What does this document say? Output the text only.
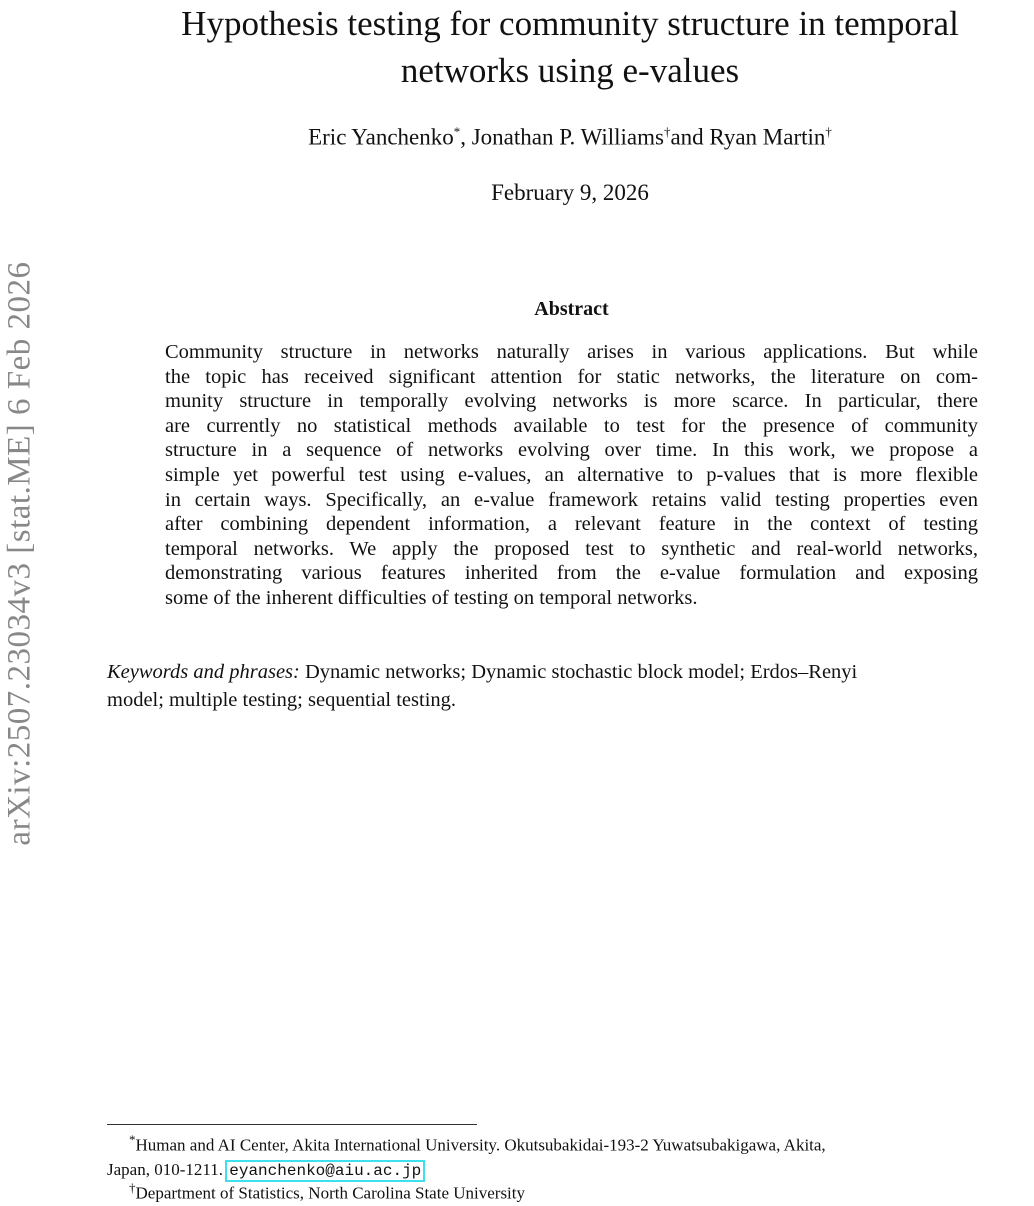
arXiv:2507.23034v3 [stat.ME] 6 Feb 2026
Hypothesis testing for community structure in temporal
networks using e-values
Eric Yanchenko*, Jonathan P. Williams†and Ryan Martin†
February 9, 2026
Abstract
Community structure in networks naturally arises in various applications. But while
the topic has received significant attention for static networks, the literature on com-
munity structure in temporally evolving networks is more scarce. In particular, there
are currently no statistical methods available to test for the presence of community
structure in a sequence of networks evolving over time. In this work, we propose a
simple yet powerful test using e-values, an alternative to p-values that is more flexible
in certain ways. Specifically, an e-value framework retains valid testing properties even
after combining dependent information, a relevant feature in the context of testing
temporal networks. We apply the proposed test to synthetic and real-world networks,
demonstrating various features inherited from the e-value formulation and exposing
some of the inherent difficulties of testing on temporal networks.
Keywords and phrases: Dynamic networks; Dynamic stochastic block model; Erdos–Renyi
model; multiple testing; sequential testing.
*Human and AI Center, Akita International University. Okutsubakidai-193-2 Yuwatsubakigawa, Akita,
Japan, 010-1211. eyanchenko@aiu.ac.jp
†Department of Statistics, North Carolina State University
